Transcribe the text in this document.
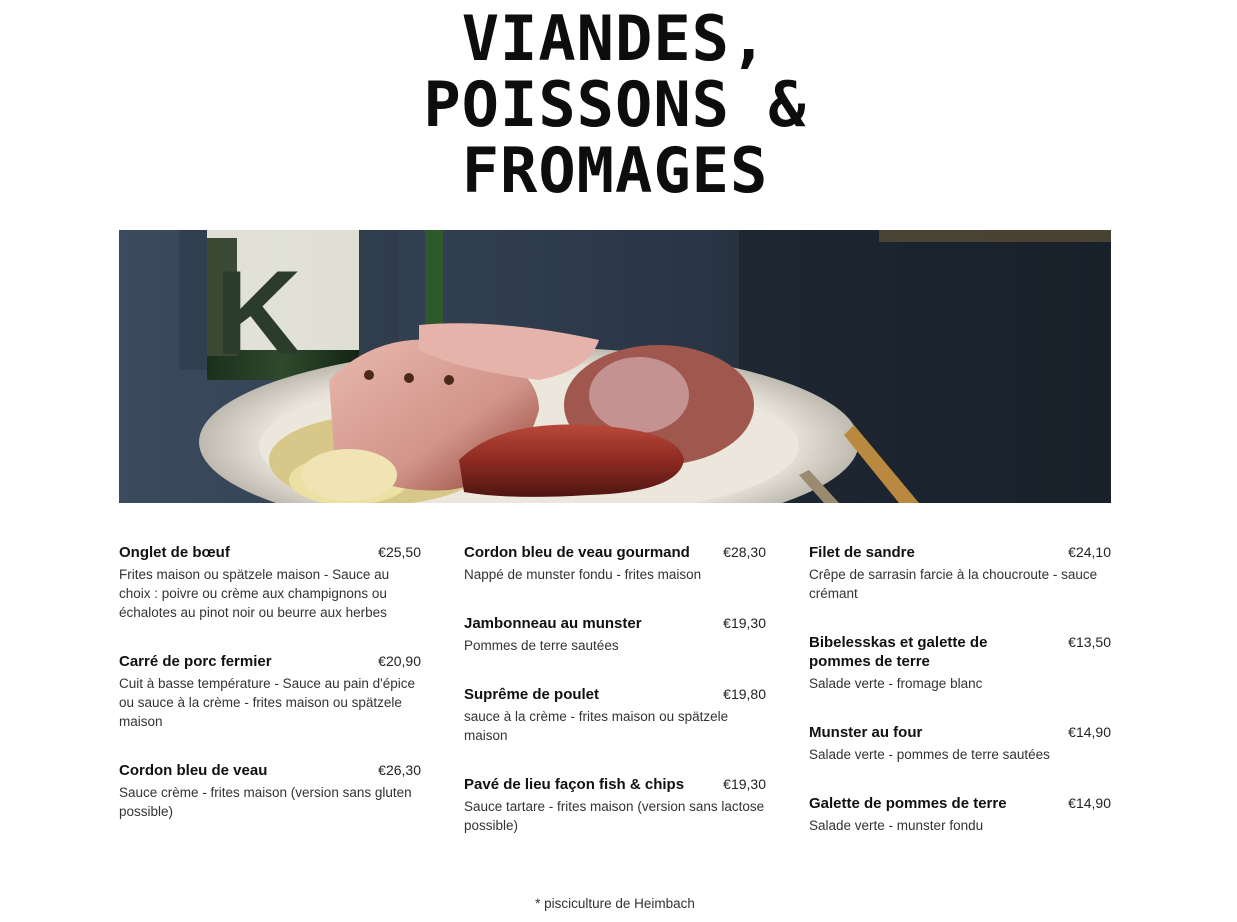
VIANDES,
POISSONS &
FROMAGES
K
Onglet de bœuf	€25,50
Frites maison ou spätzele maison - Sauce au choix : poivre ou crème aux champignons ou échalotes au pinot noir ou beurre aux herbes
Carré de porc fermier	€20,90
Cuit à basse température - Sauce au pain d'épice ou sauce à la crème - frites maison ou spätzele maison
Cordon bleu de veau	€26,30
Sauce crème - frites maison (version sans gluten possible)
Cordon bleu de veau gourmand €28,30
Nappé de munster fondu - frites maison
Jambonneau au munster	€19,30
Pommes de terre sautées
Suprême de poulet	€19,80
sauce à la crème - frites maison ou spätzele maison
Pavé de lieu façon fish & chips	€19,30
Sauce tartare - frites maison (version sans lactose possible)
Filet de sandre	€24,10
Crêpe de sarrasin farcie à la choucroute - sauce crémant
Bibelesskas et galette de pommes de terre
€13,50
Salade verte - fromage blanc
Munster au four	€14,90
Salade verte - pommes de terre sautées
Galette de pommes de terre	€14,90
Salade verte - munster fondu
* pisciculture de Heimbach
